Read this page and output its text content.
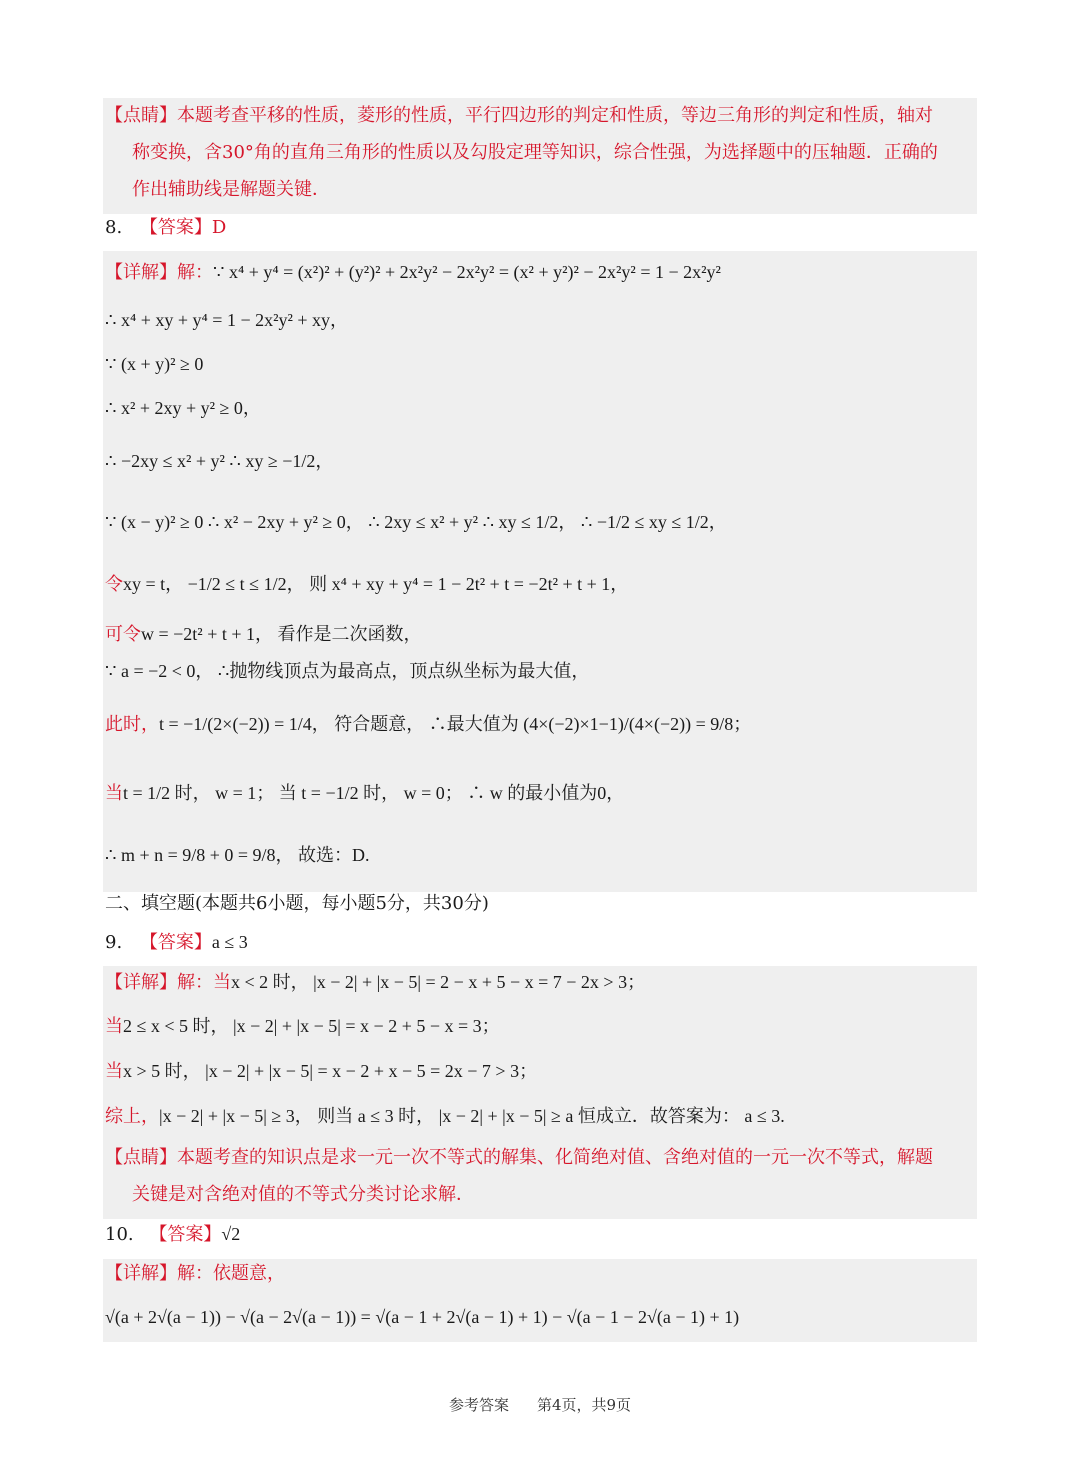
【点睛】本题考查平移的性质，菱形的性质，平行四边形的判定和性质，等边三角形的判定和性质，轴对
称变换，含30°角的直角三角形的性质以及勾股定理等知识，综合性强，为选择题中的压轴题．正确的
作出辅助线是解题关键．
8. 【答案】D
【详解】解：∵ x⁴ + y⁴ = (x²)² + (y²)² + 2x²y² − 2x²y² = (x² + y²)² − 2x²y² = 1 − 2x²y²
∴ x⁴ + xy + y⁴ = 1 − 2x²y² + xy，
∵ (x + y)² ≥ 0
∴ x² + 2xy + y² ≥ 0，
∴ −2xy ≤ x² + y² ∴ xy ≥ −1/2，
∵ (x − y)² ≥ 0 ∴ x² − 2xy + y² ≥ 0， ∴ 2xy ≤ x² + y² ∴ xy ≤ 1/2， ∴ −1/2 ≤ xy ≤ 1/2，
令xy = t， −1/2 ≤ t ≤ 1/2， 则 x⁴ + xy + y⁴ = 1 − 2t² + t = −2t² + t + 1，
可令w = −2t² + t + 1， 看作是二次函数，
∵ a = −2 < 0， ∴抛物线顶点为最高点，顶点纵坐标为最大值，
此时，t = −1/(2×(−2)) = 1/4， 符合题意， ∴最大值为 (4×(−2)×1−1)/(4×(−2)) = 9/8；
当t = 1/2 时， w = 1； 当 t = −1/2 时， w = 0； ∴ w 的最小值为0，
∴ m + n = 9/8 + 0 = 9/8， 故选：D.
二、填空题(本题共6小题，每小题5分，共30分)
9. 【答案】a ≤ 3
【详解】解：当x < 2 时， |x − 2| + |x − 5| = 2 − x + 5 − x = 7 − 2x > 3；
当2 ≤ x < 5 时， |x − 2| + |x − 5| = x − 2 + 5 − x = 3；
当x > 5 时， |x − 2| + |x − 5| = x − 2 + x − 5 = 2x − 7 > 3；
综上，|x − 2| + |x − 5| ≥ 3， 则当 a ≤ 3 时， |x − 2| + |x − 5| ≥ a 恒成立．故答案为： a ≤ 3.
【点睛】本题考查的知识点是求一元一次不等式的解集、化简绝对值、含绝对值的一元一次不等式，解题
关键是对含绝对值的不等式分类讨论求解．
10. 【答案】√2
【详解】解：依题意，
√(a + 2√(a − 1)) − √(a − 2√(a − 1)) = √(a − 1 + 2√(a − 1) + 1) − √(a − 1 − 2√(a − 1) + 1)
参考答案 第4页，共9页
